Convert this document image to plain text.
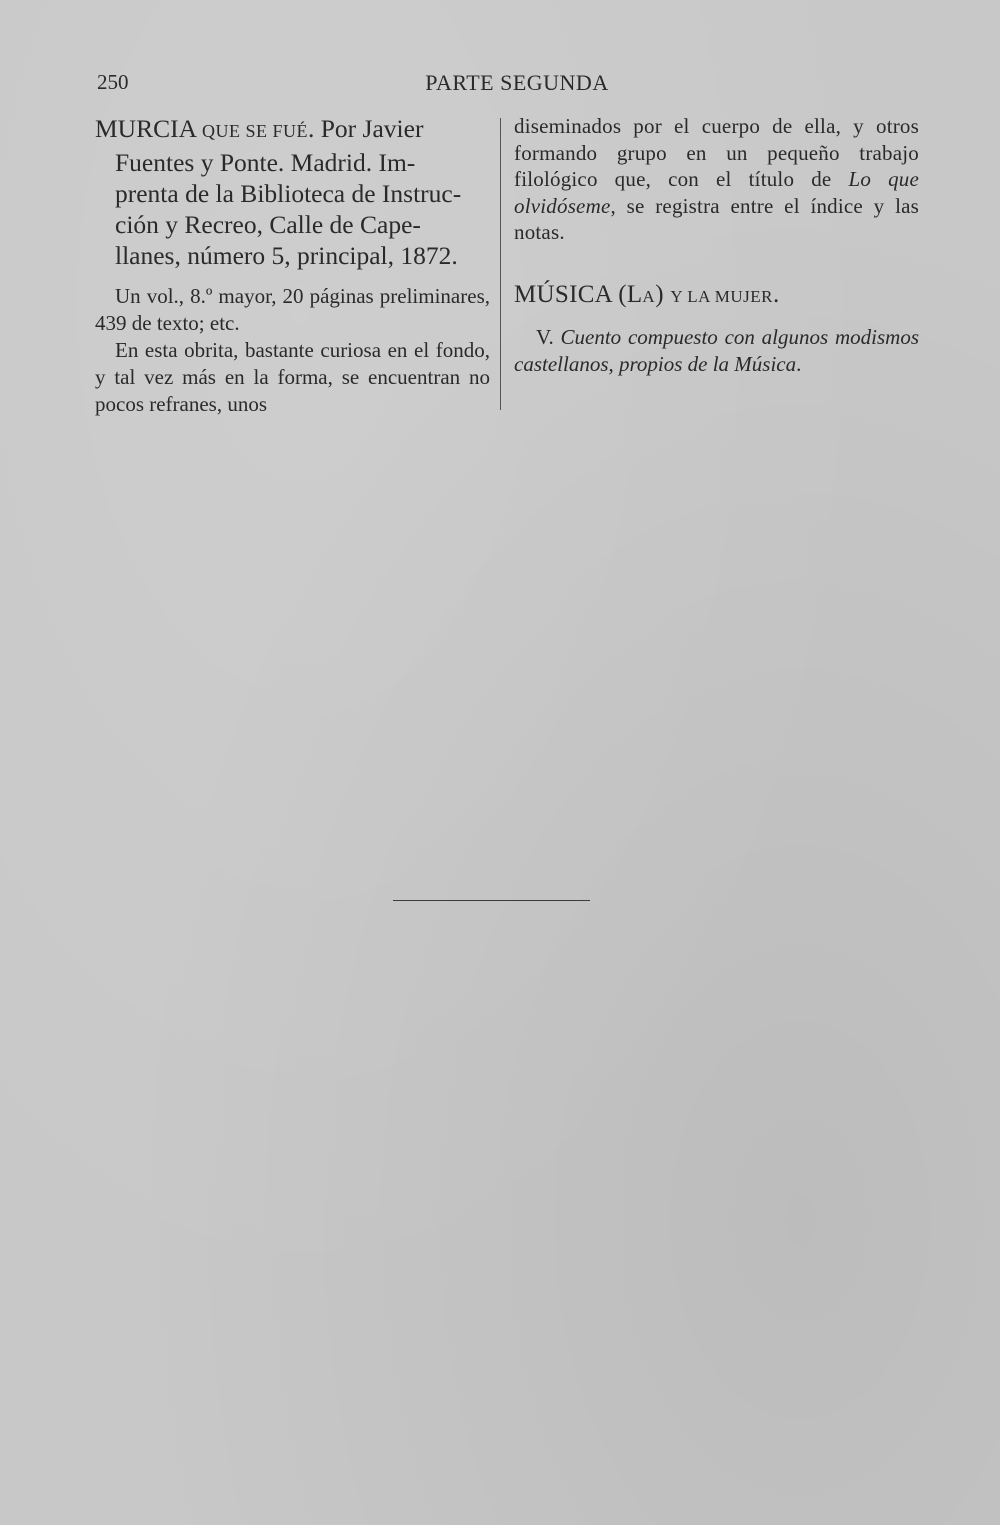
250	PARTE SEGUNDA

MURCIA QUE SE FUÉ. Por Javier
Fuentes y Ponte. Madrid. Im-
prenta de la Biblioteca de Instruc-
ción y Recreo, Calle de Cape-
llanes, número 5, principal, 1872.

Un vol., 8.º mayor, 20 páginas preliminares, 439 de texto; etc.

En esta obrita, bastante curiosa en el fondo, y tal vez más en la forma, se encuentran no pocos refranes, unos

diseminados por el cuerpo de ella, y otros formando grupo en un pequeño trabajo filológico que, con el título de Lo que olvidóseme, se registra entre el índice y las notas.

MÚSICA (LA) Y LA MUJER.

V. Cuento compuesto con algunos modismos castellanos, propios de la Música.
